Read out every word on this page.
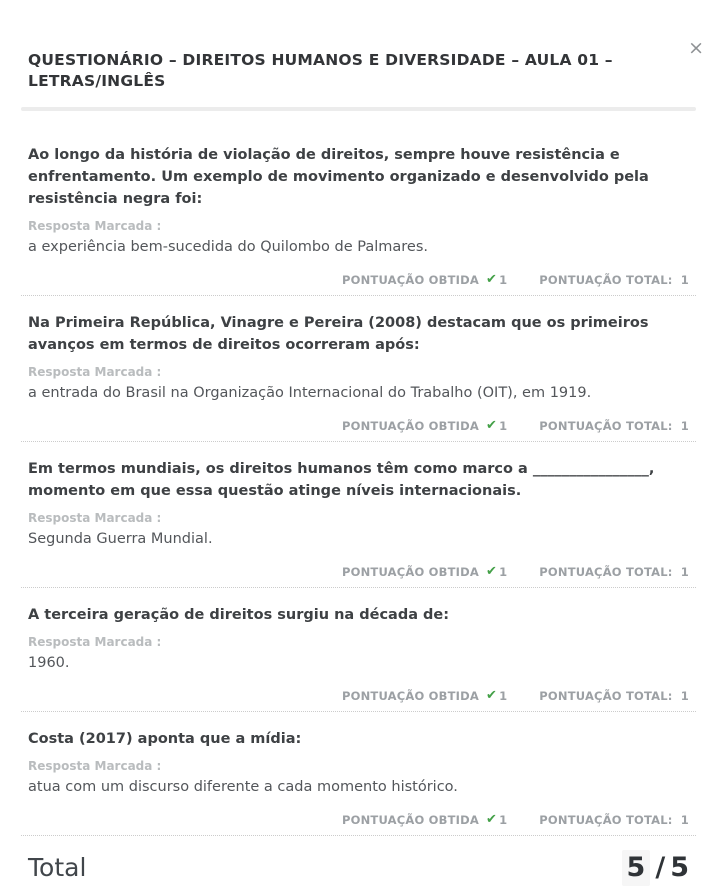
×
QUESTIONÁRIO – DIREITOS HUMANOS E DIVERSIDADE – AULA 01 – LETRAS/INGLÊS

Ao longo da história de violação de direitos, sempre houve resistência e enfrentamento. Um exemplo de movimento organizado e desenvolvido pela resistência negra foi:

Resposta Marcada :

a experiência bem-sucedida do Quilombo de Palmares.

PONTUAÇÃO OBTIDA ✔ 1	PONTUAÇÃO TOTAL: 1

Na Primeira República, Vinagre e Pereira (2008) destacam que os primeiros avanços em termos de direitos ocorreram após:

Resposta Marcada :

a entrada do Brasil na Organização Internacional do Trabalho (OIT), em 1919.

PONTUAÇÃO OBTIDA ✔ 1	PONTUAÇÃO TOTAL: 1

Em termos mundiais, os direitos humanos têm como marco a ________________, momento em que essa questão atinge níveis internacionais.

Resposta Marcada :

Segunda Guerra Mundial.

PONTUAÇÃO OBTIDA ✔ 1	PONTUAÇÃO TOTAL: 1

A terceira geração de direitos surgiu na década de:

Resposta Marcada :

1960.

PONTUAÇÃO OBTIDA ✔ 1	PONTUAÇÃO TOTAL: 1

Costa (2017) aponta que a mídia:

Resposta Marcada :

atua com um discurso diferente a cada momento histórico.

PONTUAÇÃO OBTIDA ✔ 1	PONTUAÇÃO TOTAL: 1
Total	5 / 5
